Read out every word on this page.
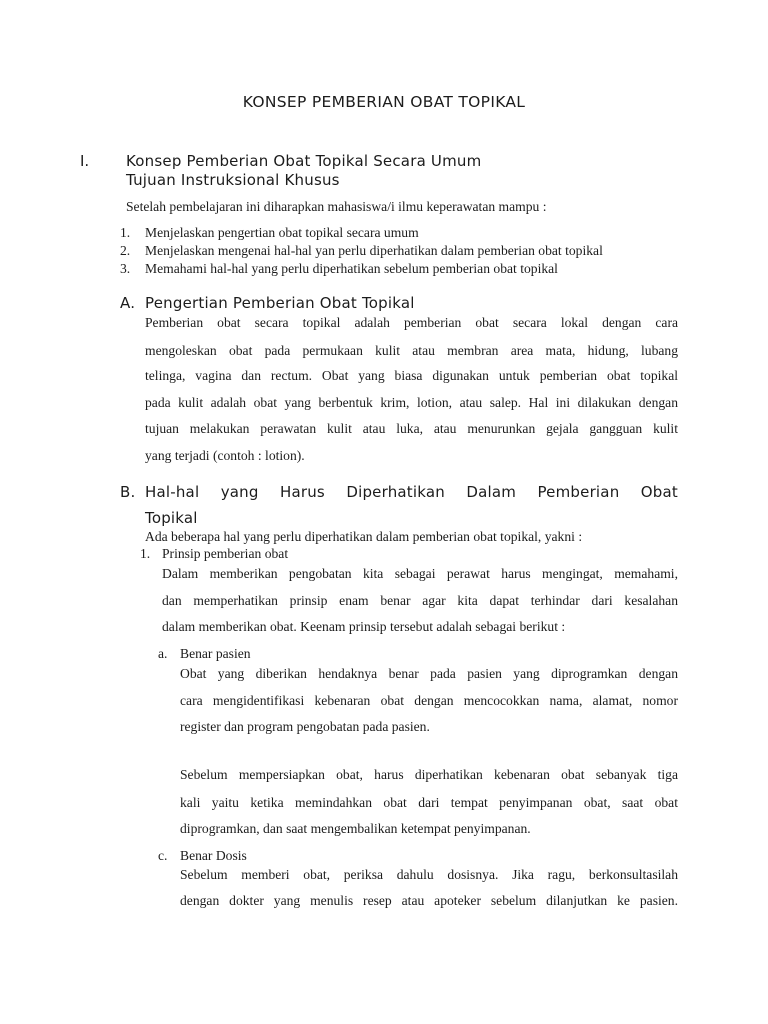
KONSEP PEMBERIAN OBAT TOPIKAL
I. Konsep Pemberian Obat Topikal Secara Umum
Tujuan Instruksional Khusus
Setelah pembelajaran ini diharapkan mahasiswa/i ilmu keperawatan mampu :
1. Menjelaskan pengertian obat topikal secara umum
2. Menjelaskan mengenai hal-hal yan perlu diperhatikan dalam pemberian obat topikal
3. Memahami hal-hal yang perlu diperhatikan sebelum pemberian obat topikal
A. Pengertian Pemberian Obat Topikal
Pemberian obat secara topikal adalah pemberian obat secara lokal dengan cara
mengoleskan obat pada permukaan kulit atau membran area mata, hidung, lubang
telinga, vagina dan rectum. Obat yang biasa digunakan untuk pemberian obat topikal
pada kulit adalah obat yang berbentuk krim, lotion, atau salep. Hal ini dilakukan dengan
tujuan melakukan perawatan kulit atau luka, atau menurunkan gejala gangguan kulit
yang terjadi (contoh : lotion).
B. Hal-hal yang Harus Diperhatikan Dalam Pemberian Obat
Topikal
Ada beberapa hal yang perlu diperhatikan dalam pemberian obat topikal, yakni :
1. Prinsip pemberian obat
Dalam memberikan pengobatan kita sebagai perawat harus mengingat, memahami,
dan memperhatikan prinsip enam benar agar kita dapat terhindar dari kesalahan
dalam memberikan obat. Keenam prinsip tersebut adalah sebagai berikut :
a. Benar pasien
Obat yang diberikan hendaknya benar pada pasien yang diprogramkan dengan
cara mengidentifikasi kebenaran obat dengan mencocokkan nama, alamat, nomor
register dan program pengobatan pada pasien.
Sebelum mempersiapkan obat, harus diperhatikan kebenaran obat sebanyak tiga
kali yaitu ketika memindahkan obat dari tempat penyimpanan obat, saat obat
diprogramkan, dan saat mengembalikan ketempat penyimpanan.
c. Benar Dosis
Sebelum memberi obat, periksa dahulu dosisnya. Jika ragu, berkonsultasilah
dengan dokter yang menulis resep atau apoteker sebelum dilanjutkan ke pasien.
